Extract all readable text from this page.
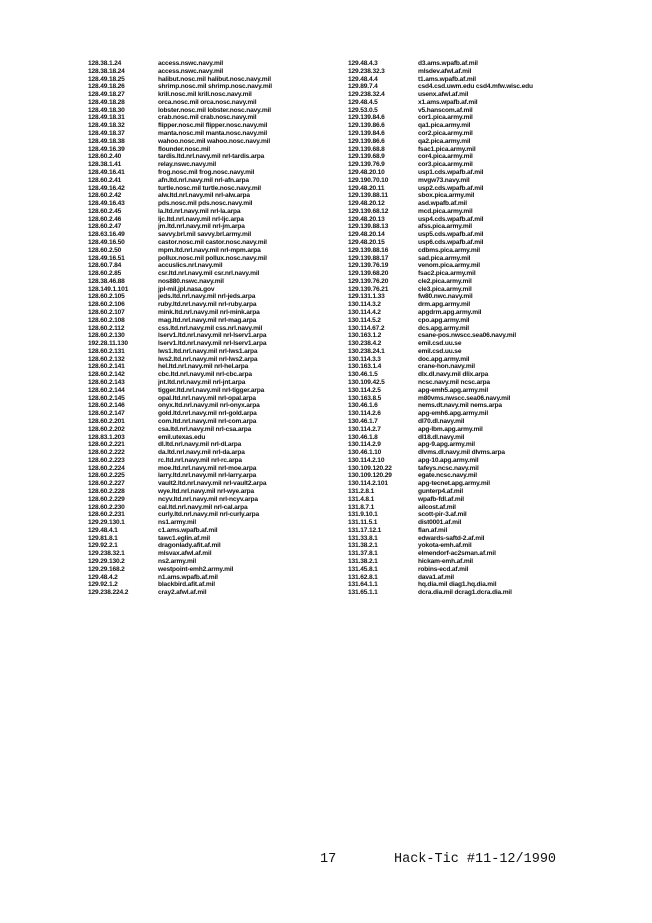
128.38.1.24	access.nswc.navy.mil
128.38.18.24	access.nswc.navy.mil
128.49.18.25	halibut.nosc.mil halibut.nosc.navy.mil
128.49.18.26	shrimp.nosc.mil shrimp.nosc.navy.mil
128.49.18.27	krill.nosc.mil krill.nosc.navy.mil
128.49.18.28	orca.nosc.mil orca.nosc.navy.mil
128.49.18.30	lobster.nosc.mil lobster.nosc.navy.mil
128.49.18.31	crab.nosc.mil crab.nosc.navy.mil
128.49.18.32	flipper.nosc.mil flipper.nosc.navy.mil
128.49.18.37	manta.nosc.mil manta.nosc.navy.mil
128.49.18.38	wahoo.nosc.mil wahoo.nosc.navy.mil
128.49.16.39	flounder.nosc.mil
128.60.2.40	tardis.ltd.nrl.navy.mil nrl-tardis.arpa
128.38.1.41	relay.nswc.navy.mil
128.49.16.41	frog.nosc.mil frog.nosc.navy.mil
128.60.2.41	afn.ltd.nrl.navy.mil nrl-afn.arpa
128.49.16.42	turtle.nosc.mil turtle.nosc.navy.mil
128.60.2.42	alw.ltd.nrl.navy.mil nrl-alw.arpa
128.49.16.43	pds.nosc.mil pds.nosc.navy.mil
128.60.2.45	la.ltd.nrl.navy.mil nrl-la.arpa
128.60.2.46	ljc.ltd.nrl.navy.mil nrl-ljc.arpa
128.60.2.47	jm.ltd.nrl.navy.mil nrl-jm.arpa
128.63.16.49	savvy.brl.mil savvy.brl.army.mil
128.49.16.50	castor.nosc.mil castor.nosc.navy.mil
128.60.2.50	mpm.ltd.nrl.navy.mil nrl-mpm.arpa
128.49.16.51	pollux.nosc.mil pollux.nosc.navy.mil
128.60.7.84	accuslics.nrl.navy.mil
128.60.2.85	csr.ltd.nrl.navy.mil csr.nrl.navy.mil
128.38.46.88	nos880.nswc.navy.mil
128.149.1.101	jpl-mil.jpl.nasa.gov
128.60.2.105	jeds.ltd.nrl.navy.mil nrl-jeds.arpa
128.60.2.106	ruby.ltd.nrl.navy.mil nrl-ruby.arpa
128.60.2.107	mink.ltd.nrl.navy.mil nrl-mink.arpa
128.60.2.108	mag.ltd.nrl.navy.mil nrl-mag.arpa
128.60.2.112	css.ltd.nrl.navy.mil css.nrl.navy.mil
128.60.2.130	lserv1.ltd.nrl.navy.mil nrl-lserv1.arpa
192.28.11.130	lserv1.ltd.nrl.navy.mil nrl-lserv1.arpa
128.60.2.131	lws1.ltd.nrl.navy.mil nrl-lws1.arpa
128.60.2.132	lws2.ltd.nrl.navy.mil nrl-lws2.arpa
128.60.2.141	hel.ltd.nrl.navy.mil nrl-hel.arpa
128.60.2.142	cbc.ltd.nrl.navy.mil nrl-cbc.arpa
128.60.2.143	jnt.ltd.nrl.navy.mil nrl-jnt.arpa
128.60.2.144	tigger.ltd.nrl.navy.mil nrl-tigger.arpa
128.60.2.145	opal.ltd.nrl.navy.mil nrl-opal.arpa
128.60.2.146	onyx.ltd.nrl.navy.mil nrl-onyx.arpa
128.60.2.147	gold.ltd.nrl.navy.mil nrl-gold.arpa
128.60.2.201	com.ltd.nrl.navy.mil nrl-com.arpa
128.60.2.202	csa.ltd.nrl.navy.mil nrl-csa.arpa
128.83.1.203	emil.utexas.edu
128.60.2.221	dl.ltd.nrl.navy.mil nrl-dl.arpa
128.60.2.222	da.ltd.nrl.navy.mil nrl-da.arpa
128.60.2.223	rc.ltd.nrl.navy.mil nrl-rc.arpa
128.60.2.224	moe.ltd.nrl.navy.mil nrl-moe.arpa
128.60.2.225	larry.ltd.nrl.navy.mil nrl-larry.arpa
128.60.2.227	vault2.ltd.nrl.navy.mil nrl-vault2.arpa
128.60.2.228	wye.ltd.nrl.navy.mil nrl-wye.arpa
128.60.2.229	ncyv.ltd.nrl.navy.mil nrl-ncyv.arpa
128.60.2.230	cal.ltd.nrl.navy.mil nrl-cal.arpa
128.60.2.231	curly.ltd.nrl.navy.mil nrl-curly.arpa
129.29.130.1	ns1.army.mil
129.48.4.1	c1.ams.wpafb.af.mil
129.81.8.1	tawc1.eglin.af.mil
129.92.2.1	dragonlady.afit.af.mil
129.238.32.1	mlsvax.afwl.af.mil
129.29.130.2	ns2.army.mil
129.29.168.2	westpoint-emh2.army.mil
129.48.4.2	n1.ams.wpafb.af.mil
129.92.1.2	blackbird.afit.af.mil
129.238.224.2	cray2.afwl.af.mil
129.48.4.3	d3.ams.wpafb.af.mil
129.238.32.3	mlsdev.afwl.af.mil
129.48.4.4	t1.ams.wpafb.af.mil
129.89.7.4	csd4.csd.uwm.edu csd4.mfw.wisc.edu
129.238.32.4	usenx.afwl.af.mil
129.48.4.5	x1.ams.wpafb.af.mil
129.53.0.5	v5.hanscom.af.mil
129.139.84.6	cor1.pica.army.mil
129.139.86.6	qa1.pica.army.mil
129.139.84.6	cor2.pica.army.mil
129.139.86.6	qa2.pica.army.mil
129.139.68.8	fsac1.pica.army.mil
129.139.68.9	cor4.pica.army.mil
129.139.76.9	cor3.pica.army.mil
129.48.20.10	usp1.cds.wpafb.af.mil
129.190.70.10	mvgw73.navy.mil
129.48.20.11	usp2.cds.wpafb.af.mil
129.139.88.11	sbox.pica.army.mil
129.48.20.12	asd.wpafb.af.mil
129.139.68.12	mcd.pica.army.mil
129.48.20.13	usp4.cds.wpafb.af.mil
129.139.88.13	afss.pica.army.mil
129.48.20.14	usp5.cds.wpafb.af.mil
129.48.20.15	usp6.cds.wpafb.af.mil
129.139.88.16	cdbms.pica.army.mil
129.139.88.17	sad.pica.army.mil
129.139.76.19	venom.pica.army.mil
129.139.68.20	fsac2.pica.army.mil
129.139.76.20	cle2.pica.army.mil
129.139.76.21	cle3.pica.army.mil
129.131.1.33	fw80.nwc.navy.mil
130.114.3.2	drm.apg.army.mil
130.114.4.2	apgdrm.apg.army.mil
130.114.5.2	cpo.apg.army.mil
130.114.67.2	dcs.apg.army.mil
130.163.1.2	csane-pos.nwscc.sea06.navy.mil
130.238.4.2	emil.csd.uu.se
130.238.24.1	emil.csd.uu.se
130.114.3.3	doc.apg.army.mil
130.163.1.4	crane-hon.navy.mil
130.46.1.5	dlx.dl.navy.mil dlix.arpa
130.109.42.5	ncsc.navy.mil ncsc.arpa
130.114.2.5	apg-emh5.apg.army.mil
130.163.8.5	m80vms.nwscc.sea06.navy.mil
130.46.1.6	nems.dt.navy.mil nems.arpa
130.114.2.6	apg-emh6.apg.army.mil
130.46.1.7	dl70.dl.navy.mil
130.114.2.7	apg-lbm.apg.army.mil
130.46.1.8	dl18.dl.navy.mil
130.114.2.9	apg-9.apg.army.mil
130.46.1.10	dlvms.dl.navy.mil dlvms.arpa
130.114.2.10	apg-10.apg.army.mil
130.109.120.22	tafeys.ncsc.navy.mil
130.109.120.29	egate.ncsc.navy.mil
130.114.2.101	apg-tecnet.apg.army.mil
131.2.8.1	gunterp4.af.mil
131.4.8.1	wpafb-fdl.af.mil
131.8.7.1	ailcost.af.mil
131.9.10.1	scott-pir-3.af.mil
131.11.5.1	dist0001.af.mil
131.17.12.1	flan.af.mil
131.33.8.1	edwards-saftd-2.af.mil
131.38.2.1	yokota-emh.af.mil
131.37.8.1	elmendorf-ac2sman.af.mil
131.38.2.1	hickam-emh.af.mil
131.45.8.1	robins-ecd.af.mil
131.62.8.1	dava1.af.mil
131.64.1.1	hq.dia.mil diag1.hq.dia.mil
131.65.1.1	dcra.dia.mil dcrag1.dcra.dia.mil
17	Hack-Tic #11-12/1990
